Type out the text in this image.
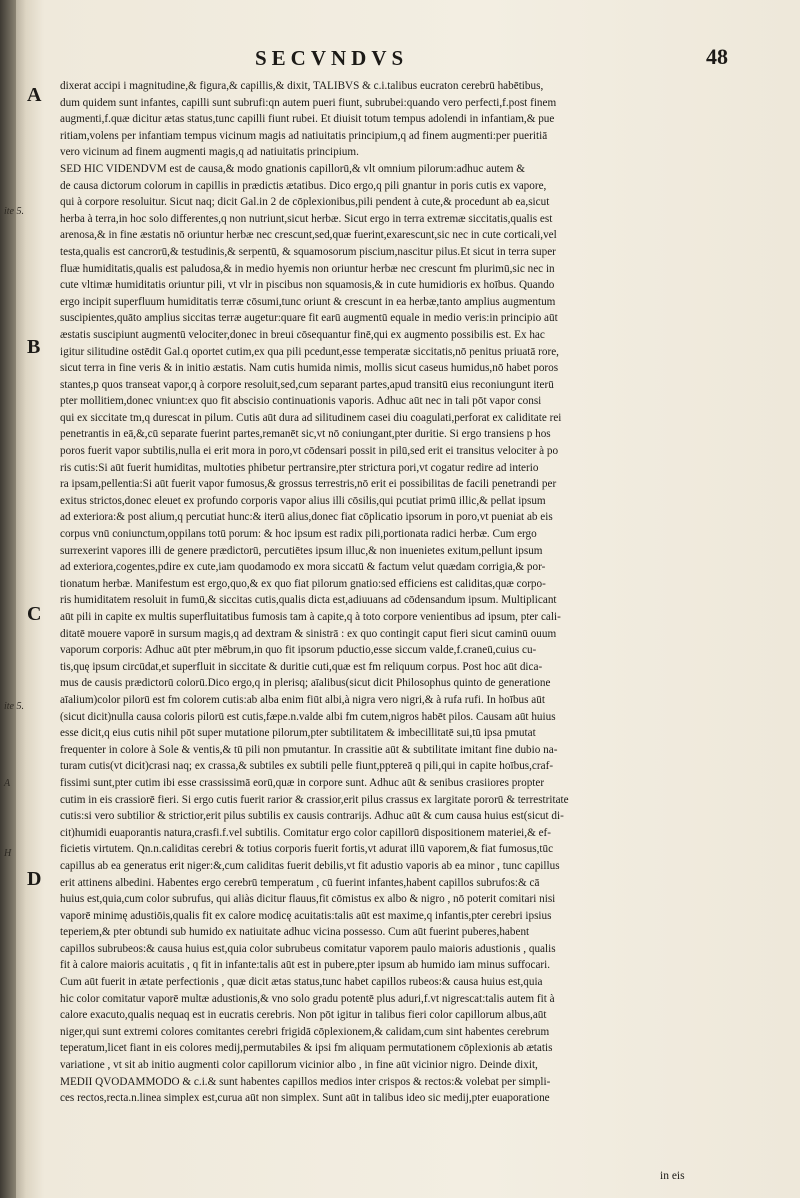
SECVNDVS	48
A
B
C
D
ite 5.
ite 5.
A
H
dixerat accipi i magnitudine,& figura,& capillis,& dixit, TALIBVS & c.i.talibus eucraton cerebrū habētibus,
dum quidem sunt infantes, capilli sunt subrufi:qn autem pueri fiunt, subrubei:quando vero perfecti,f.post finem
augmenti,f.quæ dicitur ætas status,tunc capilli fiunt rubei. Et diuisit totum tempus adolendi in infantiam,& pue
ritiam,volens per infantiam tempus vicinum magis ad natiuitatis principium,q ad finem augmenti:per pueritiā
vero vicinum ad finem augmenti magis,q ad natiuitatis principium.
SED HIC VIDENDVM est de causa,& modo gnationis capillorū,& vlt omnium pilorum:adhuc autem &
de causa dictorum colorum in capillis in prædictis ætatibus. Dico ergo,q pili gnantur in poris cutis ex vapore,
qui à corpore resoluitur. Sicut naq; dicit Gal.in 2 de cōplexionibus,pili pendent à cute,& procedunt ab ea,sicut
herba à terra,in hoc solo differentes,q non nutriunt,sicut herbæ. Sicut ergo in terra extremæ siccitatis,qualis est
arenosa,& in fine æstatis nō oriuntur herbæ nec crescunt,sed,quæ fuerint,exarescunt,sic nec in cute corticali,vel
testa,qualis est cancrorū,& testudinis,& serpentū, & squamosorum piscium,nascitur pilus.Et sicut in terra super
fluæ humiditatis,qualis est paludosa,& in medio hyemis non oriuntur herbæ nec crescunt fm plurimū,sic nec in
cute vltimæ humiditatis oriuntur pili, vt vlr in piscibus non squamosis,& in cute humidioris ex hoībus. Quando
ergo incipit superfluum humiditatis terræ cōsumi,tunc oriunt & crescunt in ea herbæ,tanto amplius augmentum
suscipientes,quāto amplius siccitas terræ augetur:quare fit earū augmentū equale in medio veris:in principio aūt
æstatis suscipiunt augmentū velociter,donec in breui cōsequantur finē,qui ex augmento possibilis est. Ex hac
igitur silitudine ostēdit Gal.q oportet cutim,ex qua pili pcedunt,esse temperatæ siccitatis,nō penitus priuatā rore,
sicut terra in fine veris & in initio æstatis. Nam cutis humida nimis, mollis sicut caseus humidus,nō habet poros
stantes,p quos transeat vapor,q à corpore resoluit,sed,cum separant partes,apud transitū eius reconiungunt iterū
pter mollitiem,donec vniunt:ex quo fit abscisio continuationis vaporis. Adhuc aūt nec in tali pōt vapor consi
qui ex siccitate tm,q durescat in pilum. Cutis aūt dura ad silitudinem casei diu coagulati,perforat ex caliditate rei
penetrantis in eā,&,cū separate fuerint partes,remanēt sic,vt nō coniungant,pter duritie. Si ergo transiens p hos
poros fuerit vapor subtilis,nulla ei erit mora in poro,vt cōdensari possit in pilū,sed erit ei transitus velociter à po
ris cutis:Si aūt fuerit humiditas, multoties phibetur pertransire,pter strictura pori,vt cogatur redire ad interio
ra ipsam,pellentia:Si aūt fuerit vapor fumosus,& grossus terrestris,nō erit ei possibilitas de facili penetrandi per
exitus strictos,donec eleuet ex profundo corporis vapor alius illi cōsilis,qui pcutiat primū illic,& pellat ipsum
ad exteriora:& post alium,q percutiat hunc:& iterū alius,donec fiat cōplicatio ipsorum in poro,vt pueniat ab eis
corpus vnū coniunctum,oppilans totū porum: & hoc ipsum est radix pili,portionata radici herbæ. Cum ergo
surrexerint vapores illi de genere prædictorū, percutiētes ipsum illuc,& non inuenietes exitum,pellunt ipsum
ad exteriora,cogentes,pdire ex cute,iam quodamodo ex mora siccatū & factum velut quædam corrigia,& por-
tionatum herbæ. Manifestum est ergo,quo,& ex quo fiat pilorum gnatio:sed efficiens est caliditas,quæ corpo-
ris humiditatem resoluit in fumū,& siccitas cutis,qualis dicta est,adiuuans ad cōdensandum ipsum. Multiplicant
aūt pili in capite ex multis superfluitatibus fumosis tam à capite,q à toto corpore venientibus ad ipsum, pter cali-
ditatē mouere vaporē in sursum magis,q ad dextram & sinistrā : ex quo contingit caput fieri sicut caminū ouum
vaporum corporis: Adhuc aūt pter mēbrum,in quo fit ipsorum pductio,esse siccum valde,f.craneū,cuius cu-
tis,quę ipsum circūdat,et superfluit in siccitate & duritie cuti,quæ est fm reliquum corpus. Post hoc aūt dica-
mus de causis prædictorū colorū.Dico ergo,q in plerisq; aīalibus(sicut dicit Philosophus quinto de generatione
aīalium)color pilorū est fm colorem cutis:ab alba enim fiūt albi,à nigra vero nigri,& à rufa rufi. In hoībus aūt
(sicut dicit)nulla causa coloris pilorū est cutis,fæpe.n.valde albi fm cutem,nigros habēt pilos. Causam aūt huius
esse dicit,q eius cutis nihil pōt super mutatione pilorum,pter subtilitatem & imbecillitatē sui,tū ipsa pmutat
frequenter in colore à Sole & ventis,& tū pili non pmutantur. In crassitie aūt & subtilitate imitant fine dubio na-
turam cutis(vt dicit)crasi naq; ex crassa,& subtiles ex subtili pelle fiunt,pptereā q pili,qui in capite hoībus,craf-
fissimi sunt,pter cutim ibi esse crassissimā eorū,quæ in corpore sunt. Adhuc aūt & senibus crasiiores propter
cutim in eis crassiorē fieri. Si ergo cutis fuerit rarior & crassior,erit pilus crassus ex largitate pororū & terrestritate
cutis:si vero subtilior & strictior,erit pilus subtilis ex causis contrarijs. Adhuc aūt & cum causa huius est(sicut di-
cit)humidi euaporantis natura,crasfi.f.vel subtilis. Comitatur ergo color capillorū dispositionem materiei,& ef-
ficietis virtutem. Qn.n.caliditas cerebri & totius corporis fuerit fortis,vt adurat illū vaporem,& fiat fumosus,tūc
capillus ab ea generatus erit niger:&,cum caliditas fuerit debilis,vt fit adustio vaporis ab ea minor , tunc capillus
erit attinens albedini. Habentes ergo cerebrū temperatum , cū fuerint infantes,habent capillos subrufos:& cā
huius est,quia,cum color subrufus, qui aliàs dicitur flauus,fit cōmistus ex albo & nigro , nō poterit comitari nisi
vaporē minimę adustiōis,qualis fit ex calore modicę acuitatis:talis aūt est maxime,q infantis,pter cerebri ipsius
teperiem,& pter obtundi sub humido ex natiuitate adhuc vicina possesso. Cum aūt fuerint puberes,habent
capillos subrubeos:& causa huius est,quia color subrubeus comitatur vaporem paulo maioris adustionis , qualis
fit à calore maioris acuitatis , q fit in infante:talis aūt est in pubere,pter ipsum ab humido iam minus suffocari.
Cum aūt fuerit in ætate perfectionis , quæ dicit ætas status,tunc habet capillos rubeos:& causa huius est,quia
hic color comitatur vaporē multæ adustionis,& vno solo gradu potentē plus aduri,f.vt nigrescat:talis autem fit à
calore exacuto,qualis nequaq est in eucratis cerebris. Non pōt igitur in talibus fieri color capillorum albus,aūt
niger,qui sunt extremi colores comitantes cerebri frigidā cōplexionem,& calidam,cum sint habentes cerebrum
teperatum,licet fiant in eis colores medij,permutabiles & ipsi fm aliquam permutationem cōplexionis ab ætatis
variatione , vt sit ab initio augmenti color capillorum vicinior albo , in fine aūt vicinior nigro. Deinde dixit,
MEDII QVODAMMODO & c.i.& sunt habentes capillos medios inter crispos & rectos:& volebat per simpli-
ces rectos,recta.n.linea simplex est,curua aūt non simplex. Sunt aūt in talibus ideo sic medij,pter euaporatione
in eis
